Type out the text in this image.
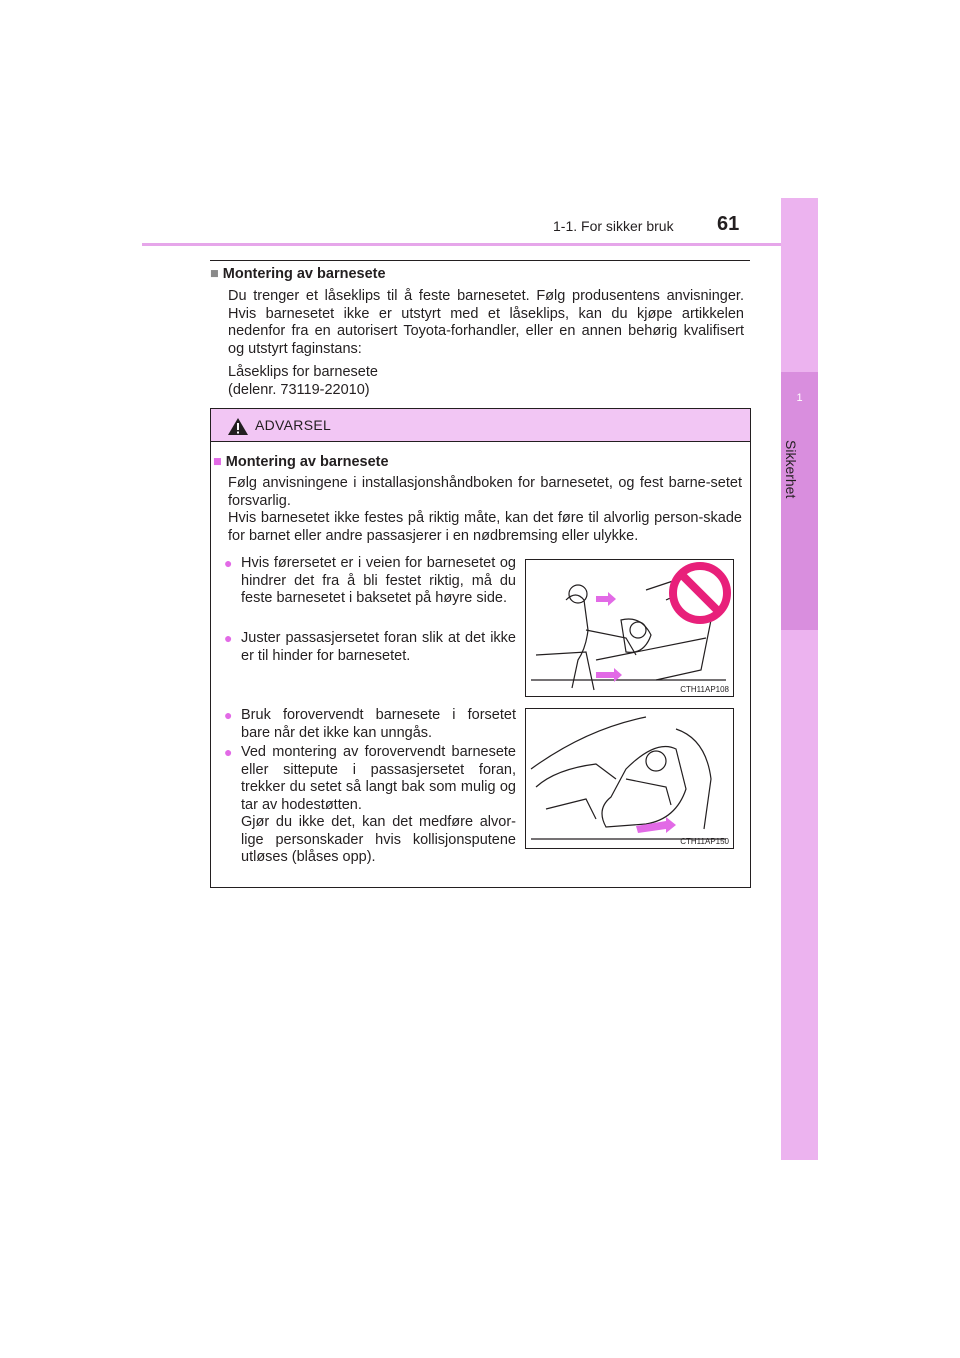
1-1. For sikker bruk 61
1
Sikkerhet
■ Montering av barnesete
Du trenger et låseklips til å feste barnesetet. Følg produsentens anvisninger. Hvis barnesetet ikke er utstyrt med et låseklips, kan du kjøpe artikkelen nedenfor fra en autorisert Toyota-forhandler, eller en annen behørig kvalifisert og utstyrt faginstans:
Låseklips for barnesete
(delenr. 73119-22010)
ADVARSEL
■ Montering av barnesete
Følg anvisningene i installasjonshåndboken for barnesetet, og fest barne-setet forsvarlig.
Hvis barnesetet ikke festes på riktig måte, kan det føre til alvorlig person-skade for barnet eller andre passasjerer i en nødbremsing eller ulykke.
● Hvis førersetet er i veien for barnesetet og hindrer det fra å bli festet riktig, må du feste barnesetet i baksetet på høyre side.
● Juster passasjersetet foran slik at det ikke er til hinder for barnesetet.
● Bruk forovervendt barnesete i forsetet bare når det ikke kan unngås.
● Ved montering av forovervendt barnesete eller sittepute i passasjersetet foran, trekker du setet så langt bak som mulig og tar av hodestøtten.
Gjør du ikke det, kan det medføre alvor-lige personskader hvis kollisjonsputene utløses (blåses opp).
CTH11AP108
CTH11AP150
